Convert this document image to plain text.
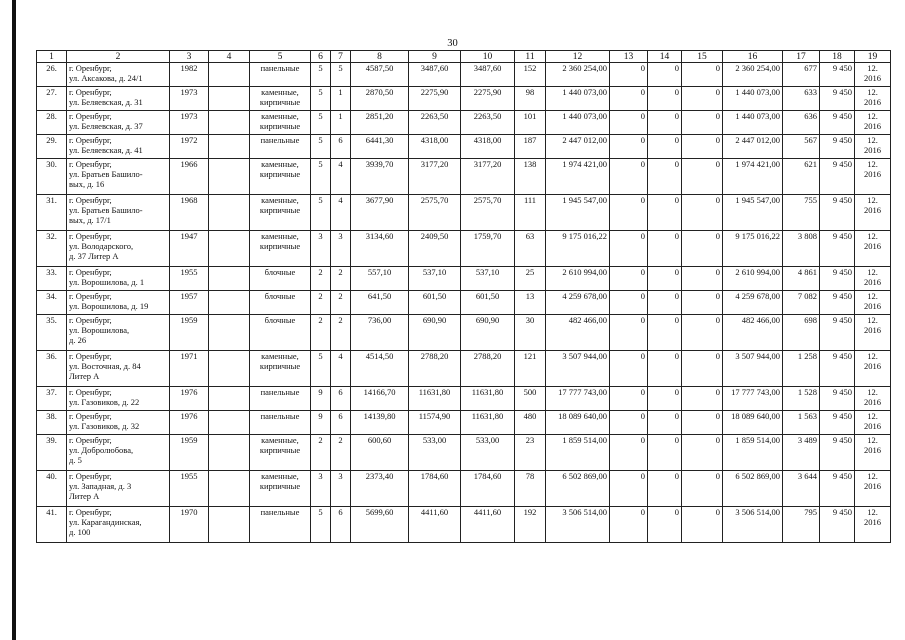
30
1	2	3	4	5	6	7	8	9	10	11	12	13	14	15	16	17	18	19
26.	г. Оренбург,
ул. Аксакова, д. 24/1	1982		панельные	5	5	4587,50	3487,60	3487,60	152	2 360 254,00	0	0	0	2 360 254,00	677	9 450	12.
2016
27.	г. Оренбург,
ул. Беляевская, д. 31	1973		каменные,
кирпичные	5	1	2870,50	2275,90	2275,90	98	1 440 073,00	0	0	0	1 440 073,00	633	9 450	12.
2016
28.	г. Оренбург,
ул. Беляевская, д. 37	1973		каменные,
кирпичные	5	1	2851,20	2263,50	2263,50	101	1 440 073,00	0	0	0	1 440 073,00	636	9 450	12.
2016
29.	г. Оренбург,
ул. Беляевская, д. 41	1972		панельные	5	6	6441,30	4318,00	4318,00	187	2 447 012,00	0	0	0	2 447 012,00	567	9 450	12.
2016
30.	г. Оренбург,
ул. Братьев Башило-
вых, д. 16	1966		каменные,
кирпичные	5	4	3939,70	3177,20	3177,20	138	1 974 421,00	0	0	0	1 974 421,00	621	9 450	12.
2016
31.	г. Оренбург,
ул. Братьев Башило-
вых, д. 17/1	1968		каменные,
кирпичные	5	4	3677,90	2575,70	2575,70	111	1 945 547,00	0	0	0	1 945 547,00	755	9 450	12.
2016
32.	г. Оренбург,
ул. Володарского,
д. 37 Литер А	1947		каменные,
кирпичные	3	3	3134,60	2409,50	1759,70	63	9 175 016,22	0	0	0	9 175 016,22	3 808	9 450	12.
2016
33.	г. Оренбург,
ул. Ворошилова, д. 1	1955		блочные	2	2	557,10	537,10	537,10	25	2 610 994,00	0	0	0	2 610 994,00	4 861	9 450	12.
2016
34.	г. Оренбург,
ул. Ворошилова, д. 19	1957		блочные	2	2	641,50	601,50	601,50	13	4 259 678,00	0	0	0	4 259 678,00	7 082	9 450	12.
2016
35.	г. Оренбург,
ул. Ворошилова,
д. 26	1959		блочные	2	2	736,00	690,90	690,90	30	482 466,00	0	0	0	482 466,00	698	9 450	12.
2016
36.	г. Оренбург,
ул. Восточная, д. 84
Литер А	1971		каменные,
кирпичные	5	4	4514,50	2788,20	2788,20	121	3 507 944,00	0	0	0	3 507 944,00	1 258	9 450	12.
2016
37.	г. Оренбург,
ул. Газовиков, д. 22	1976		панельные	9	6	14166,70	11631,80	11631,80	500	17 777 743,00	0	0	0	17 777 743,00	1 528	9 450	12.
2016
38.	г. Оренбург,
ул. Газовиков, д. 32	1976		панельные	9	6	14139,80	11574,90	11631,80	480	18 089 640,00	0	0	0	18 089 640,00	1 563	9 450	12.
2016
39.	г. Оренбург,
ул. Добролюбова,
д. 5	1959		каменные,
кирпичные	2	2	600,60	533,00	533,00	23	1 859 514,00	0	0	0	1 859 514,00	3 489	9 450	12.
2016
40.	г. Оренбург,
ул. Западная, д. 3
Литер А	1955		каменные,
кирпичные	3	3	2373,40	1784,60	1784,60	78	6 502 869,00	0	0	0	6 502 869,00	3 644	9 450	12.
2016
41.	г. Оренбург,
ул. Карагандинская,
д. 100	1970		панельные	5	6	5699,60	4411,60	4411,60	192	3 506 514,00	0	0	0	3 506 514,00	795	9 450	12.
2016
